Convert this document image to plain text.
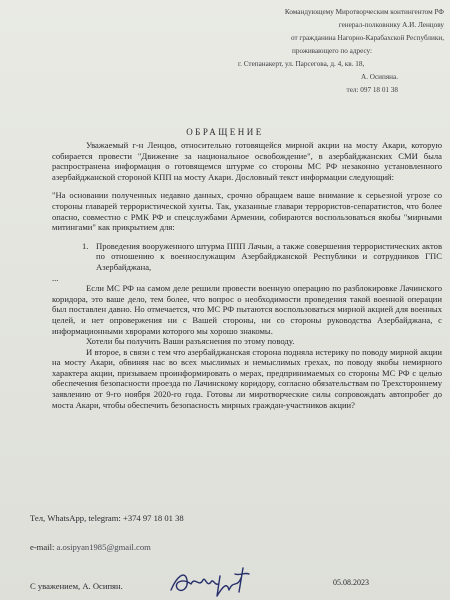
Командующему Миротворческим контингентом РФ
генерал-полковнику А.И. Ленцову
от гражданина Нагорно-Карабахской Республики,
проживающего по адресу:
г. Степанакерт, ул. Парсегова, д. 4, кв. 18,
А. Осипяна.
тел: 097 18 01 38
ОБРАЩЕНИЕ

Уважаемый г-н Ленцов, относительно готовящейся мирной акции на мосту Акари, которую собирается провести "Движение за национальное освобождение", в азербайджанских СМИ была распространена информация о готовящемся штурме со стороны МС РФ незаконно установленного азербайджанской стороной КПП на мосту Акари. Дословный текст информации следующий:

"На основании полученных недавно данных, срочно обращаем ваше внимание к серьезной угрозе со стороны главарей террористической хунты. Так, указанные главари террористов-сепаратистов, что более опасно, совместно с РМК РФ и спецслужбами Армении, собираются воспользоваться якобы "мирными митингами" как прикрытием для:

1. Проведения вооруженного штурма ППП Лачын, а также совершения террористических актов по отношению к военнослужащим Азербайджанской Республики и сотрудников ГПС Азербайджана,

...

Если МС РФ на самом деле решили провести военную операцию по разблокировке Лачинского коридора, это ваше дело, тем более, что вопрос о необходимости проведения такой военной операции был поставлен давно. Но отмечается, что МС РФ пытаются воспользоваться мирной акцией для военных целей, и нет опровержения ни с Вашей стороны, ни со стороны руководства Азербайджана, с информационными хврорами которого мы хорошо знакомы.

Хотели бы получить Ваши разъяснения по этому поводу.

И второе, в связи с тем что азербайджанская сторона подняла истерику по поводу мирной акции на мосту Акари, обвиняя нас во всех мыслимых и немыслимых грехах, по поводу якобы немирного характера акции, призываем проинформировать о мерах, предпринимаемых со стороны МС РФ с целью обеспечения безопасности проезда по Лачинскому коридору, согласно обязательствам по Трехстороннему заявлению от 9-го ноября 2020-го года. Готовы ли миротворческие силы сопровождать автопробег до моста Акари, чтобы обеспечить безопасность мирных граждан-участников акции?

Тел, WhatsApp, telegram: +374 97 18 01 38
e-mail: a.osipyan1985@gmail.com
С уважением, А. Осипян.	05.08.2023
